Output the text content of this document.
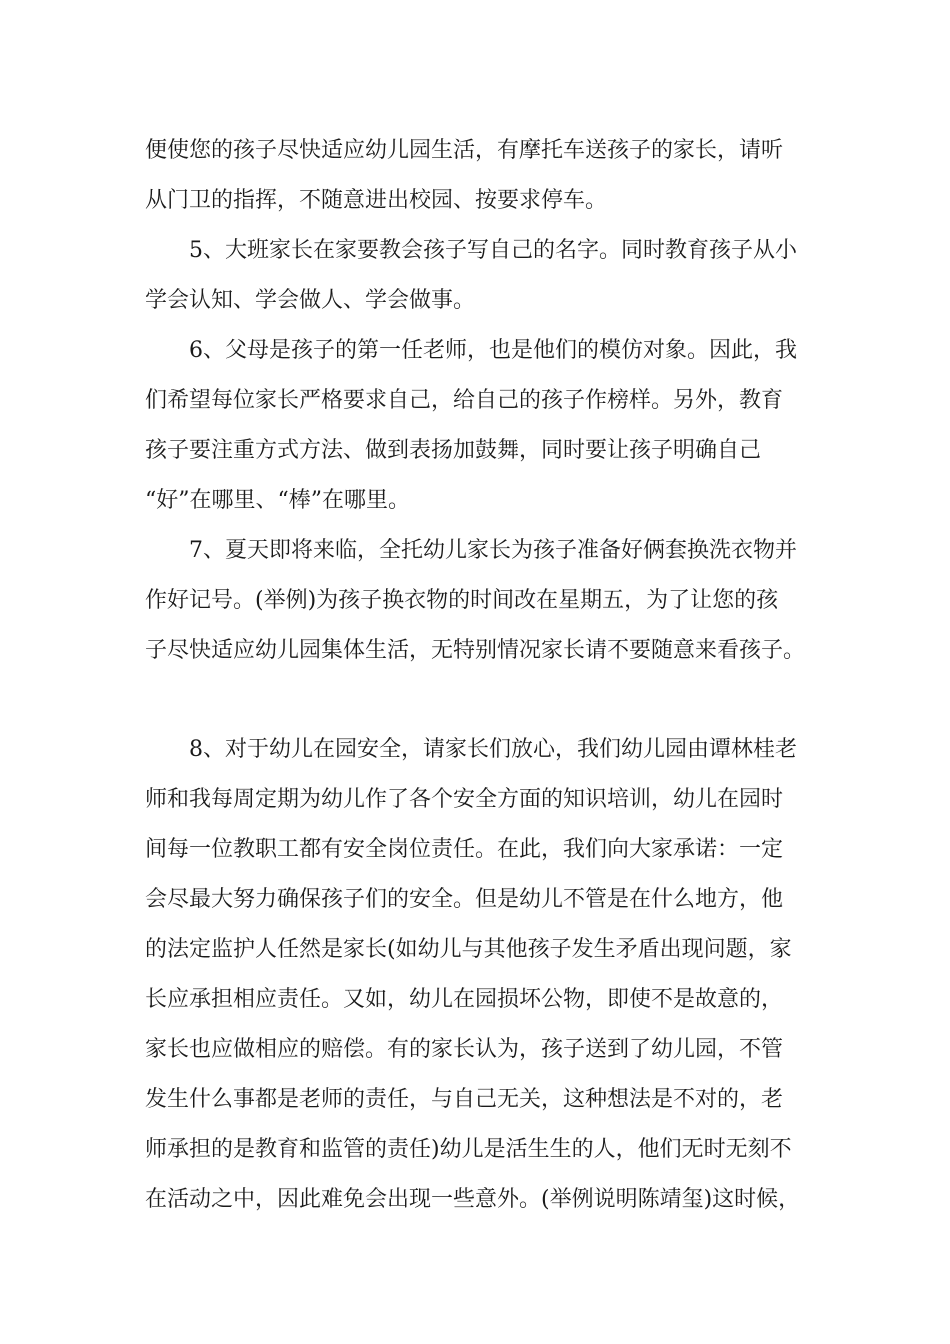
便使您的孩子尽快适应幼儿园生活，有摩托车送孩子的家长，请听
从门卫的指挥，不随意进出校园、按要求停车。
5、大班家长在家要教会孩子写自己的名字。同时教育孩子从小
学会认知、学会做人、学会做事。
6、父母是孩子的第一任老师，也是他们的模仿对象。因此，我
们希望每位家长严格要求自己，给自己的孩子作榜样。另外，教育
孩子要注重方式方法、做到表扬加鼓舞，同时要让孩子明确自己
“好”在哪里、“棒”在哪里。
7、夏天即将来临，全托幼儿家长为孩子准备好俩套换洗衣物并
作好记号。(举例)为孩子换衣物的时间改在星期五，为了让您的孩
子尽快适应幼儿园集体生活，无特别情况家长请不要随意来看孩子。
8、对于幼儿在园安全，请家长们放心，我们幼儿园由谭林桂老
师和我每周定期为幼儿作了各个安全方面的知识培训，幼儿在园时
间每一位教职工都有安全岗位责任。在此，我们向大家承诺：一定
会尽最大努力确保孩子们的安全。但是幼儿不管是在什么地方，他
的法定监护人任然是家长(如幼儿与其他孩子发生矛盾出现问题，家
长应承担相应责任。又如，幼儿在园损坏公物，即使不是故意的，
家长也应做相应的赔偿。有的家长认为，孩子送到了幼儿园，不管
发生什么事都是老师的责任，与自己无关，这种想法是不对的，老
师承担的是教育和监管的责任)幼儿是活生生的人，他们无时无刻不
在活动之中，因此难免会出现一些意外。(举例说明陈靖玺)这时候，
